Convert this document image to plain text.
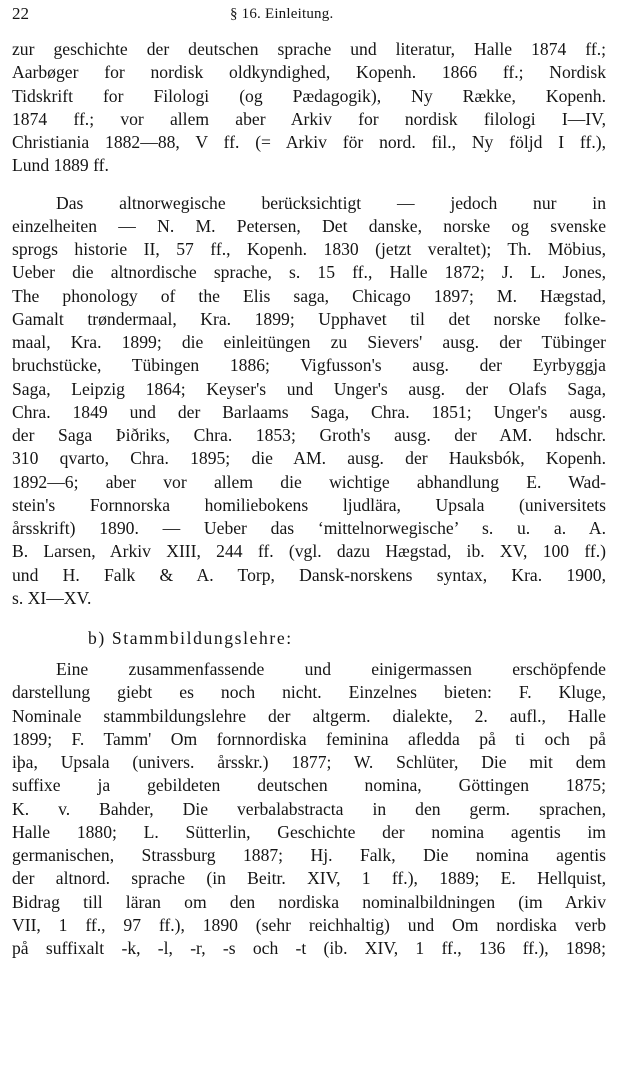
22	§ 16. Einleitung.
zur geschichte der deutschen sprache und literatur, Halle 1874 ff.;
Aarbøger for nordisk oldkyndighed, Kopenh. 1866 ff.; Nordisk
Tidskrift for Filologi (og Pædagogik), Ny Række, Kopenh.
1874 ff.; vor allem aber Arkiv for nordisk filologi I—IV,
Christiania 1882—88, V ff. (= Arkiv för nord. fil., Ny följd I ff.),
Lund 1889 ff.
Das altnorwegische berücksichtigt — jedoch nur in
einzelheiten — N. M. Petersen, Det danske, norske og svenske
sprogs historie II, 57 ff., Kopenh. 1830 (jetzt veraltet); Th. Möbius,
Ueber die altnordische sprache, s. 15 ff., Halle 1872; J. L. Jones,
The phonology of the Elis saga, Chicago 1897; M. Hægstad,
Gamalt trøndermaal, Kra. 1899; Upphavet til det norske folke-
maal, Kra. 1899; die einleitüngen zu Sievers' ausg. der Tübinger
bruchstücke, Tübingen 1886; Vigfusson's ausg. der Eyrbyggja
Saga, Leipzig 1864; Keyser's und Unger's ausg. der Olafs Saga,
Chra. 1849 und der Barlaams Saga, Chra. 1851; Unger's ausg.
der Saga Þiðriks, Chra. 1853; Groth's ausg. der AM. hdschr.
310 qvarto, Chra. 1895; die AM. ausg. der Hauksbók, Kopenh.
1892—6; aber vor allem die wichtige abhandlung E. Wad-
stein's Fornnorska homiliebokens ljudlära, Upsala (universitets
årsskrift) 1890. — Ueber das ‘mittelnorwegische’ s. u. a. A.
B. Larsen, Arkiv XIII, 244 ff. (vgl. dazu Hægstad, ib. XV, 100 ff.)
und H. Falk & A. Torp, Dansk-norskens syntax, Kra. 1900,
s. XI—XV.
b) Stammbildungslehre:
Eine zusammenfassende und einigermassen erschöpfende
darstellung giebt es noch nicht. Einzelnes bieten: F. Kluge,
Nominale stammbildungslehre der altgerm. dialekte, 2. aufl., Halle
1899; F. Tamm' Om fornnordiska feminina afledda på ti och på
iþa, Upsala (univers. årsskr.) 1877; W. Schlüter, Die mit dem
suffixe ja gebildeten deutschen nomina, Göttingen 1875;
K. v. Bahder, Die verbalabstracta in den germ. sprachen,
Halle 1880; L. Sütterlin, Geschichte der nomina agentis im
germanischen, Strassburg 1887; Hj. Falk, Die nomina agentis
der altnord. sprache (in Beitr. XIV, 1 ff.), 1889; E. Hellquist,
Bidrag till läran om den nordiska nominalbildningen (im Arkiv
VII, 1 ff., 97 ff.), 1890 (sehr reichhaltig) und Om nordiska verb
på suffixalt -k, -l, -r, -s och -t (ib. XIV, 1 ff., 136 ff.), 1898;
